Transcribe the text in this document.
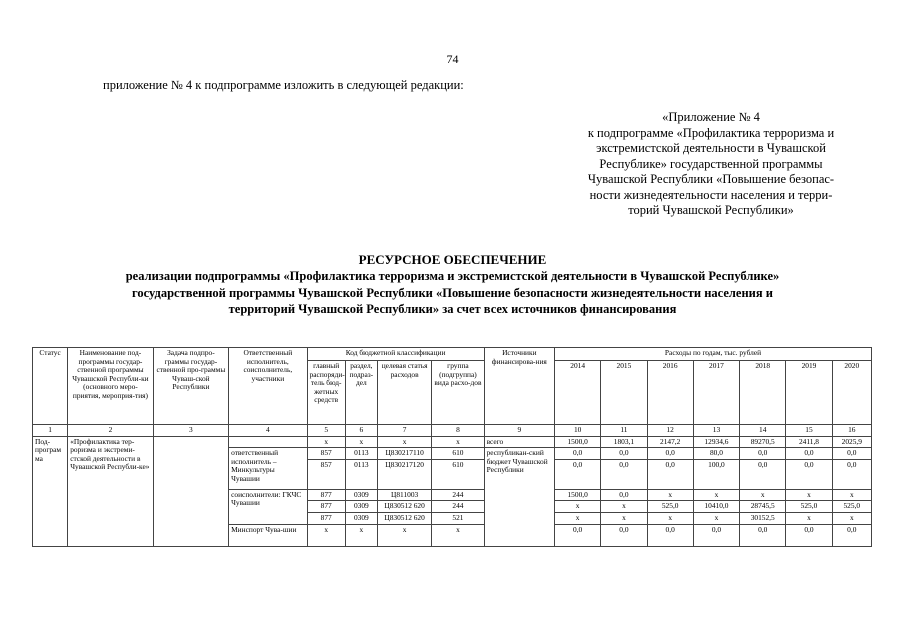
74
приложение № 4 к подпрограмме изложить в следующей редакции:
«Приложение № 4
к подпрограмме «Профилактика терроризма и
экстремистской деятельности в Чувашской
Республике» государственной программы
Чувашской Республики «Повышение безопас-
ности жизнедеятельности населения и терри-
торий Чувашской Республики»
РЕСУРСНОЕ ОБЕСПЕЧЕНИЕ
реализации подпрограммы «Профилактика терроризма и экстремистской деятельности в Чувашской Республике»
государственной программы Чувашской Республики «Повышение безопасности жизнедеятельности населения и
территорий Чувашской Республики» за счет всех источников финансирования
Статус	Наименование под-программы государ-ственной программы Чувашской Республи-ки (основного меро-приятия, мероприя-тия)	Задача подпро-граммы государ-ственной про-граммы Чуваш-ской Республики	Ответственный исполнитель, соисполнитель, участники	Код бюджетной классификации				Источники финансирова-ния	Расходы по годам, тыс. рублей						
				главный распоряди-тель бюд-жетных средств	раздел, подраз-дел	целевая статья расходов	группа (подгруппа) вида расхо-дов		2014	2015	2016	2017	2018	2019	2020
1	2	3	4	5	6	7	8	9	10	11	12	13	14	15	16
Под-програм ма	«Профилактика тер-роризма и экстреми-стской деятельности в Чувашской Республи-ке»			x	x	x	x	всего	1500,0	1803,1	2147,2	12934,6	89270,5	2411,8	2025,9
			ответственный исполнитель – Минкультуры Чувашии	857	0113	Ц830217110	610	республикан-ский бюджет Чувашской Республики	0,0	0,0	0,0	80,0	0,0	0,0	0,0
				857	0113	Ц830217120	610		0,0	0,0	0,0	100,0	0,0	0,0	0,0
			соисполнители: ГКЧС Чувашии	877	0309	Ц811003	244		1500,0	0,0	x	x	x	x	x
				877	0309	Ц830512 620	244		x	x	525,0	10410,0	28745,5	525,0	525,0
				877	0309	Ц830512 620	521		x	x	x	x	30152,5	x	x
			Минспорт Чува-шии	x	x	x	x		0,0	0,0	0,0	0,0	0,0	0,0	0,0
